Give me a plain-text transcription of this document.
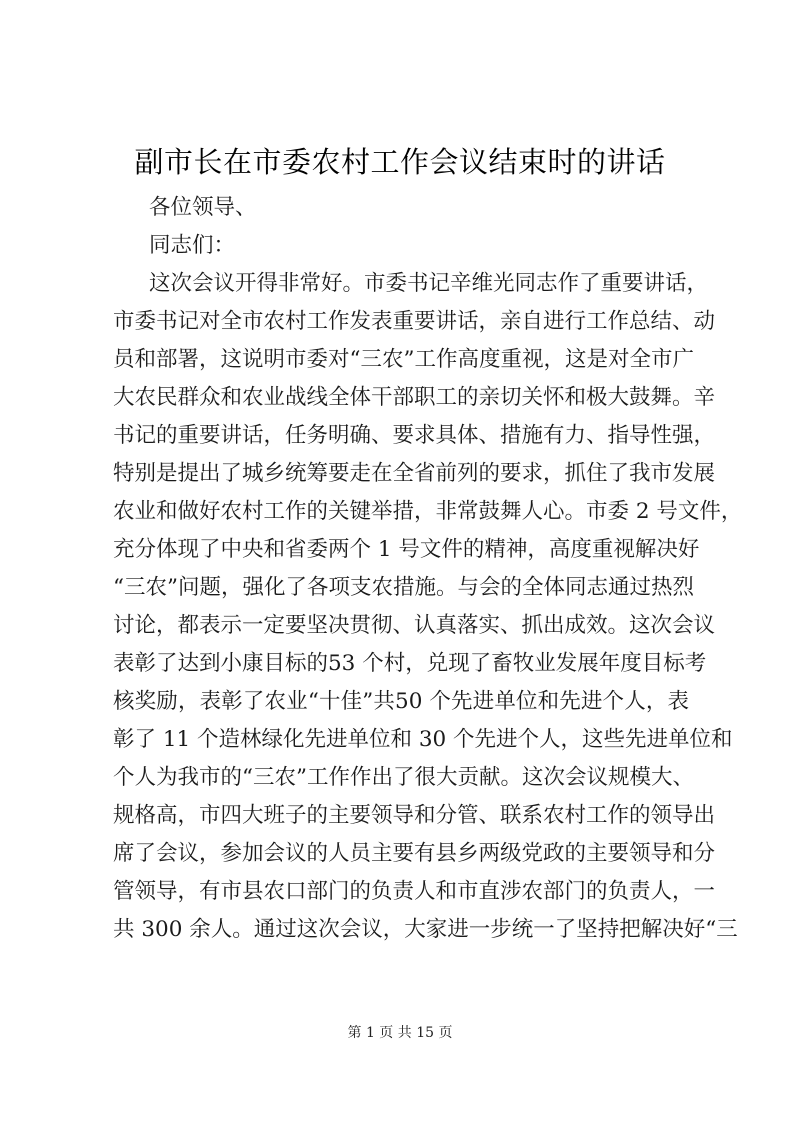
副市长在市委农村工作会议结束时的讲话
各位领导、
同志们：
这次会议开得非常好。市委书记辛维光同志作了重要讲话，
市委书记对全市农村工作发表重要讲话，亲自进行工作总结、动
员和部署，这说明市委对“三农”工作高度重视，这是对全市广
大农民群众和农业战线全体干部职工的亲切关怀和极大鼓舞。辛
书记的重要讲话，任务明确、要求具体、措施有力、指导性强，
特别是提出了城乡统筹要走在全省前列的要求，抓住了我市发展
农业和做好农村工作的关键举措，非常鼓舞人心。市委 2 号文件，
充分体现了中央和省委两个 1 号文件的精神，高度重视解决好
“三农”问题，强化了各项支农措施。与会的全体同志通过热烈
讨论，都表示一定要坚决贯彻、认真落实、抓出成效。这次会议
表彰了达到小康目标的53 个村，兑现了畜牧业发展年度目标考
核奖励，表彰了农业“十佳”共50 个先进单位和先进个人，表
彰了 11 个造林绿化先进单位和 30 个先进个人，这些先进单位和
个人为我市的“三农”工作作出了很大贡献。这次会议规模大、
规格高，市四大班子的主要领导和分管、联系农村工作的领导出
席了会议，参加会议的人员主要有县乡两级党政的主要领导和分
管领导，有市县农口部门的负责人和市直涉农部门的负责人，一
共 300 余人。通过这次会议，大家进一步统一了坚持把解决好“三
第 1 页 共 15 页
